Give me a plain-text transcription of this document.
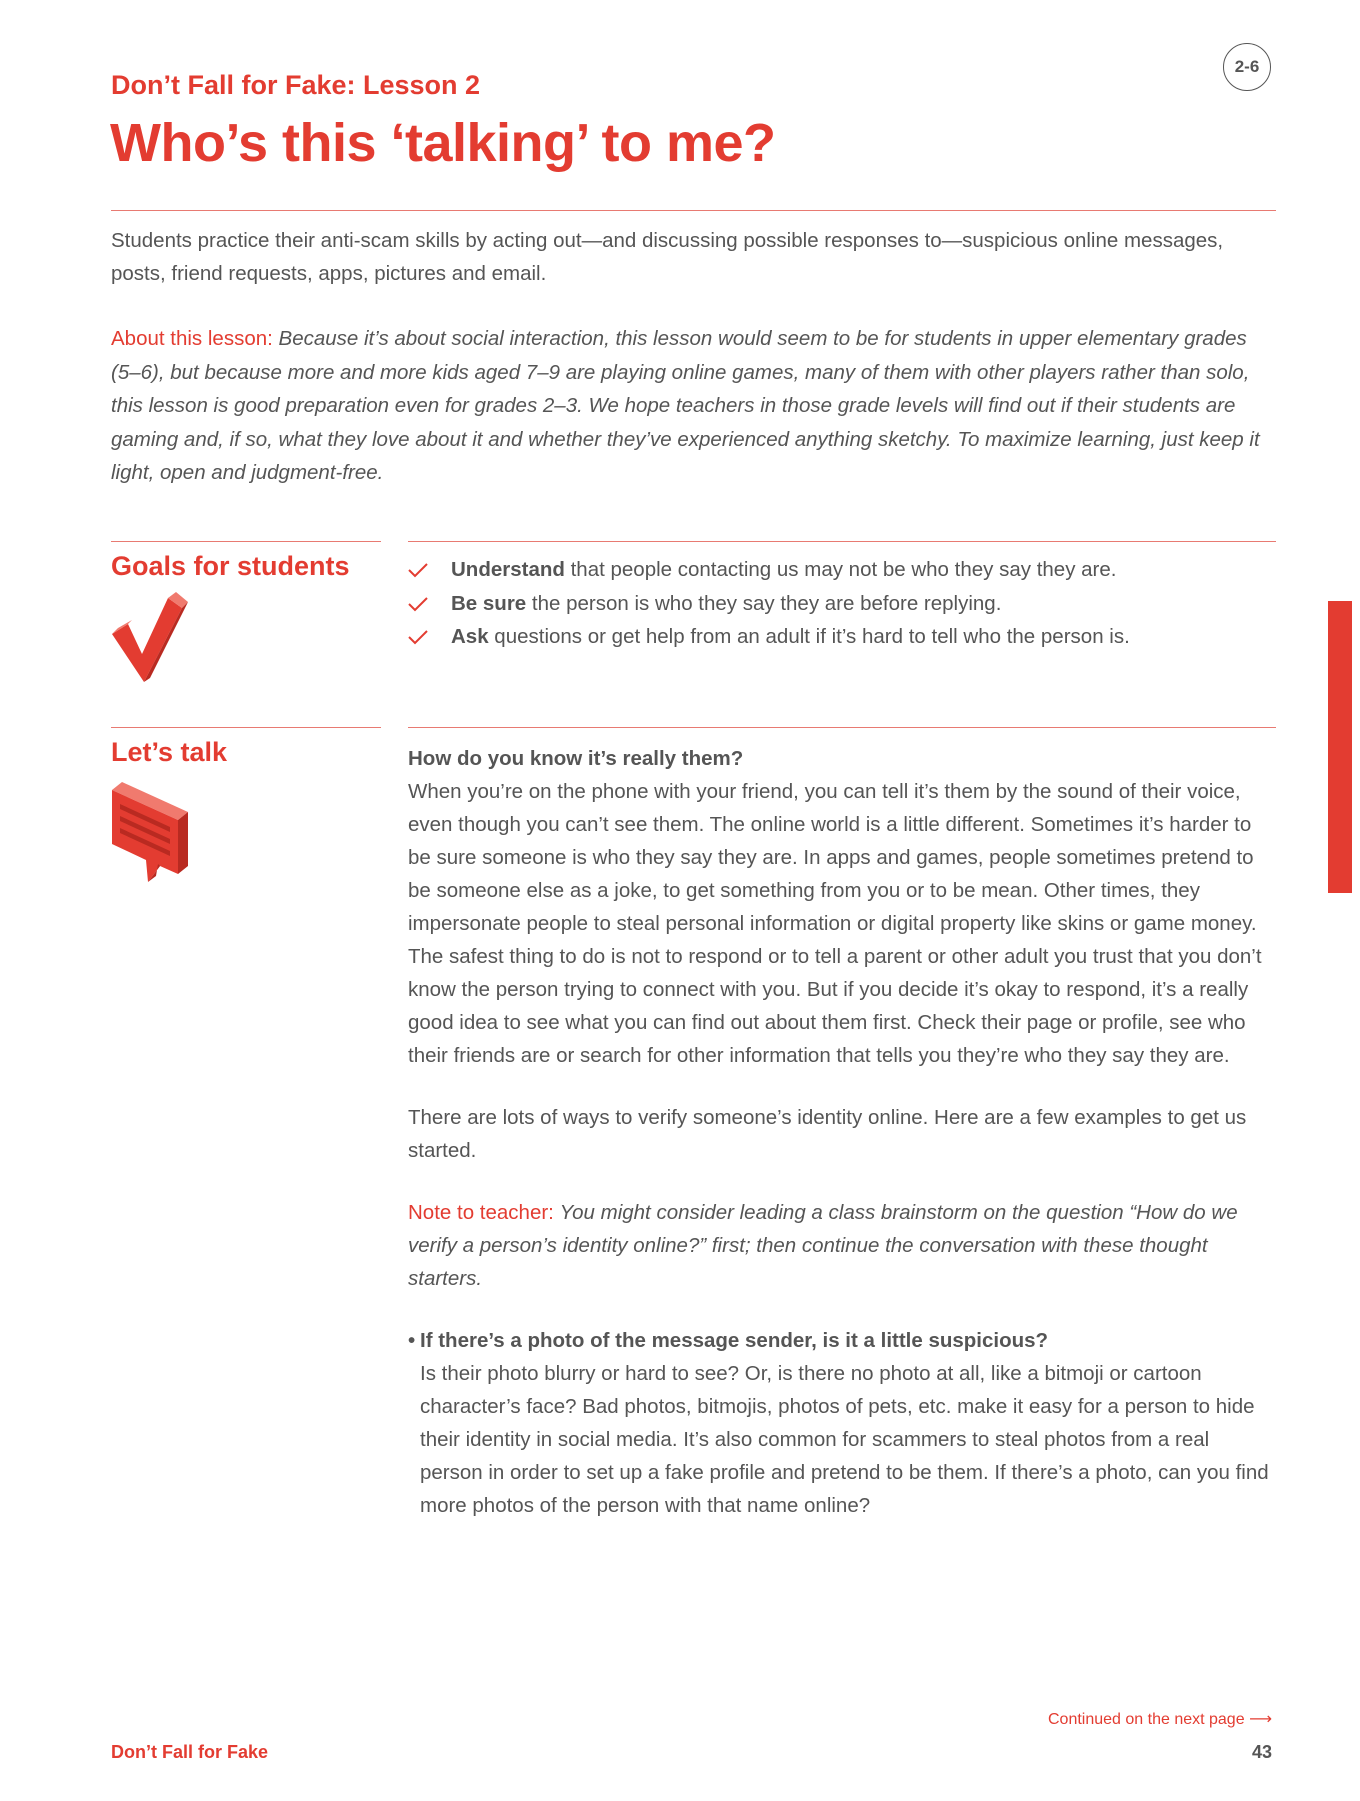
2-6
Don’t Fall for Fake: Lesson 2
Who’s this ‘talking’ to me?
Students practice their anti-scam skills by acting out—and discussing possible responses to—suspicious online messages, posts, friend requests, apps, pictures and email.
About this lesson: Because it’s about social interaction, this lesson would seem to be for students in upper elementary grades (5–6), but because more and more kids aged 7–9 are playing online games, many of them with other players rather than solo, this lesson is good preparation even for grades 2–3. We hope teachers in those grade levels will find out if their students are gaming and, if so, what they love about it and whether they’ve experienced anything sketchy. To maximize learning, just keep it light, open and judgment-free.
Goals for students	Understand that people contacting us may not be who they say they are.
Be sure the person is who they say they are before replying.
Ask questions or get help from an adult if it’s hard to tell who the person is.
Let’s talk	How do you know it’s really them?

When you’re on the phone with your friend, you can tell it’s them by the sound of their voice, even though you can’t see them. The online world is a little different. Sometimes it’s harder to be sure someone is who they say they are. In apps and games, people sometimes pretend to be someone else as a joke, to get something from you or to be mean. Other times, they impersonate people to steal personal information or digital property like skins or game money. The safest thing to do is not to respond or to tell a parent or other adult you trust that you don’t know the person trying to connect with you. But if you decide it’s okay to respond, it’s a really good idea to see what you can find out about them first. Check their page or profile, see who their friends are or search for other information that tells you they’re who they say they are.

There are lots of ways to verify someone’s identity online. Here are a few examples to get us started.

Note to teacher: You might consider leading a class brainstorm on the question “How do we verify a person’s identity online?” first; then continue the conversation with these thought starters.

• If there’s a photo of the message sender, is it a little suspicious?

Is their photo blurry or hard to see? Or, is there no photo at all, like a bitmoji or cartoon character’s face? Bad photos, bitmojis, photos of pets, etc. make it easy for a person to hide their identity in social media. It’s also common for scammers to steal photos from a real person in order to set up a fake profile and pretend to be them. If there’s a photo, can you find more photos of the person with that name online?

Continued on the next page ⟶
Don’t Fall for Fake	43
